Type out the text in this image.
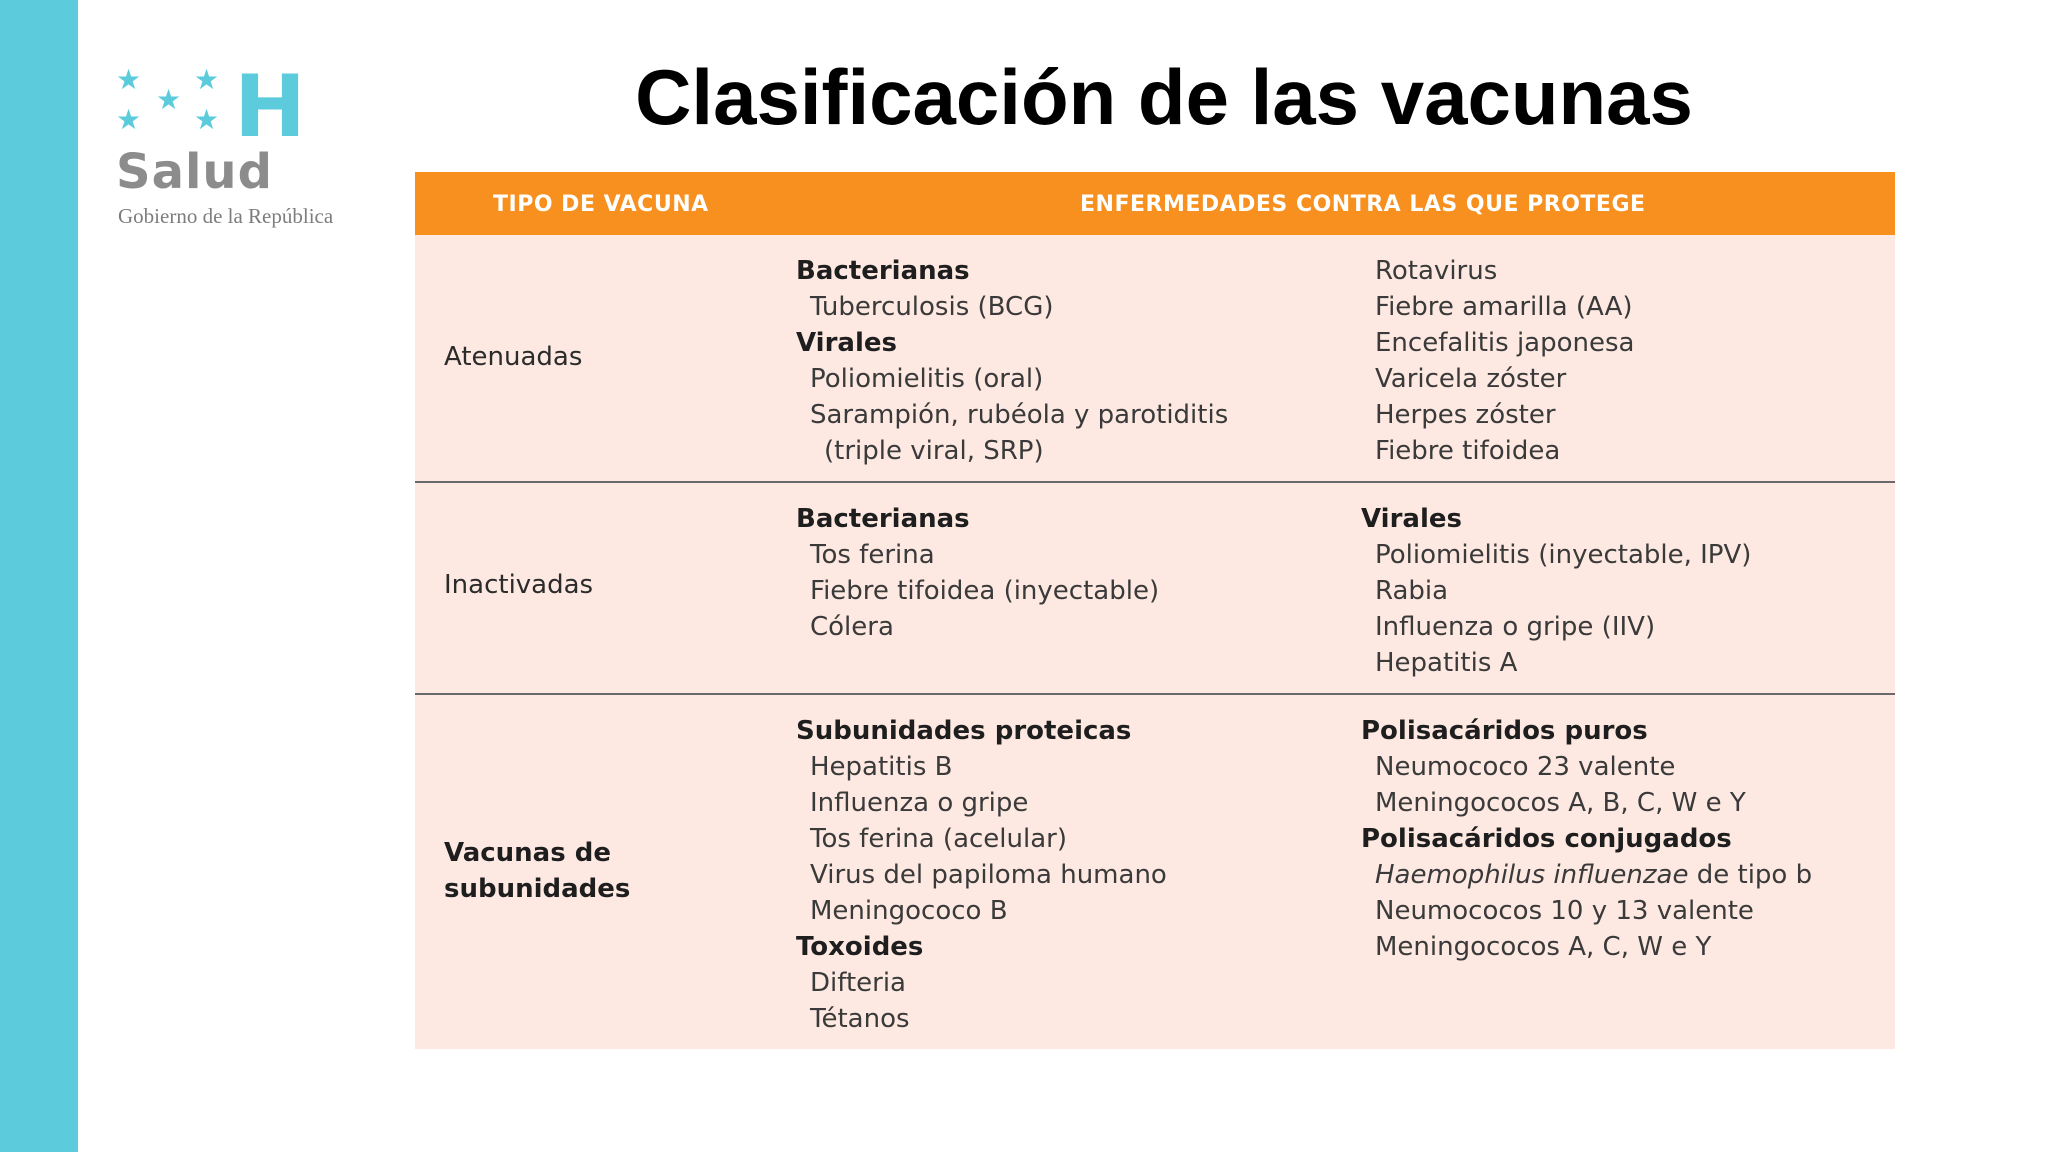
★
★
★
★ ★ H
Salud
Gobierno de la República
Clasificación de las vacunas
TIPO DE VACUNA	ENFERMEDADES CONTRA LAS QUE PROTEGE
Atenuadas
Bacterianas
Tuberculosis (BCG)
Virales
Poliomielitis (oral)
Sarampión, rubéola y parotiditis
(triple viral, SRP)
Rotavirus
Fiebre amarilla (AA)
Encefalitis japonesa
Varicela zóster
Herpes zóster
Fiebre tifoidea
Inactivadas
Bacterianas
Tos ferina
Fiebre tifoidea (inyectable)
Cólera
Virales
Poliomielitis (inyectable, IPV)
Rabia
Influenza o gripe (IIV)
Hepatitis A
Vacunas de
subunidades
Subunidades proteicas
Hepatitis B
Influenza o gripe
Tos ferina (acelular)
Virus del papiloma humano
Meningococo B
Toxoides
Difteria
Tétanos
Polisacáridos puros
Neumococo 23 valente
Meningococos A, B, C, W e Y
Polisacáridos conjugados
Haemophilus influenzae de tipo b
Neumococos 10 y 13 valente
Meningococos A, C, W e Y
